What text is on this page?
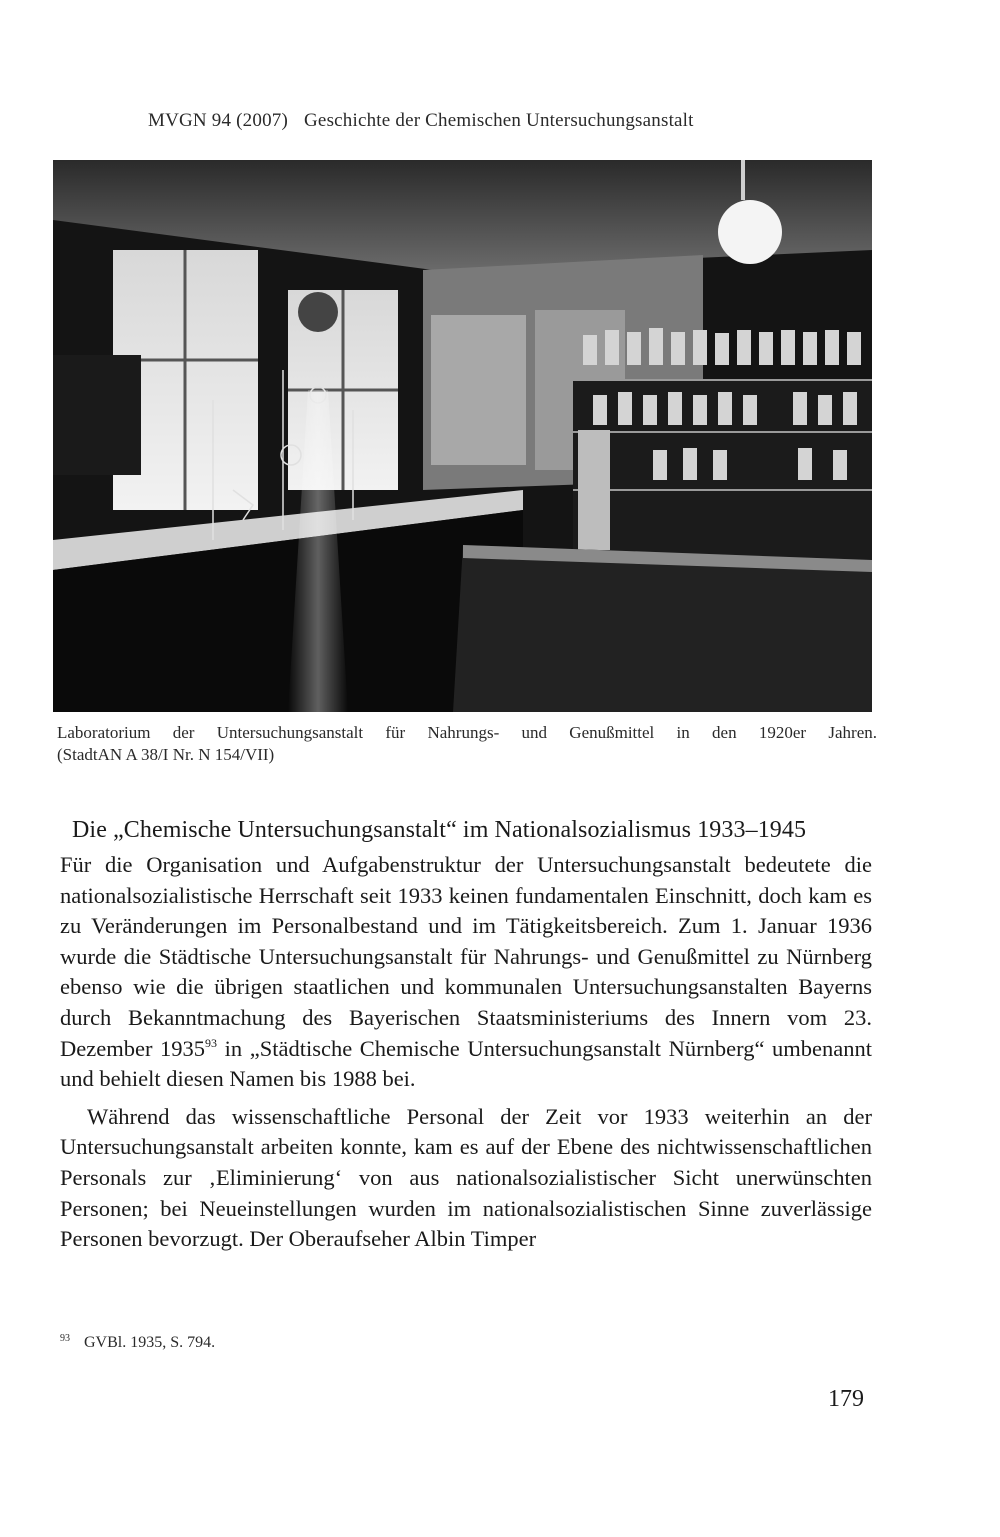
MVGN 94 (2007) Geschichte der Chemischen Untersuchungsanstalt
Laboratorium der Untersuchungsanstalt für Nahrungs- und Genußmittel in den 1920er Jahren.
(StadtAN A 38/I Nr. N 154/VII)
Die „Chemische Untersuchungsanstalt“ im Nationalsozialismus 1933–1945

Für die Organisation und Aufgabenstruktur der Untersuchungsanstalt bedeutete die nationalsozialistische Herrschaft seit 1933 keinen fundamentalen Einschnitt, doch kam es zu Veränderungen im Personalbestand und im Tätigkeitsbereich. Zum 1. Januar 1936 wurde die Städtische Untersuchungsanstalt für Nahrungs- und Genußmittel zu Nürnberg ebenso wie die übrigen staatlichen und kommunalen Untersuchungsanstalten Bayerns durch Bekanntmachung des Bayerischen Staatsministeriums des Innern vom 23. Dezember 1935$^{93}$ in „Städtische Chemische Untersuchungsanstalt Nürnberg“ umbenannt und behielt diesen Namen bis 1988 bei.

Während das wissenschaftliche Personal der Zeit vor 1933 weiterhin an der Untersuchungsanstalt arbeiten konnte, kam es auf der Ebene des nichtwissenschaftlichen Personals zur ‚Eliminierung‘ von aus nationalsozialistischer Sicht unerwünschten Personen; bei Neueinstellungen wurden im nationalsozialistischen Sinne zuverlässige Personen bevorzugt. Der Oberaufseher Albin Timper

$^{93}$ GVBl. 1935, S. 794.
179
